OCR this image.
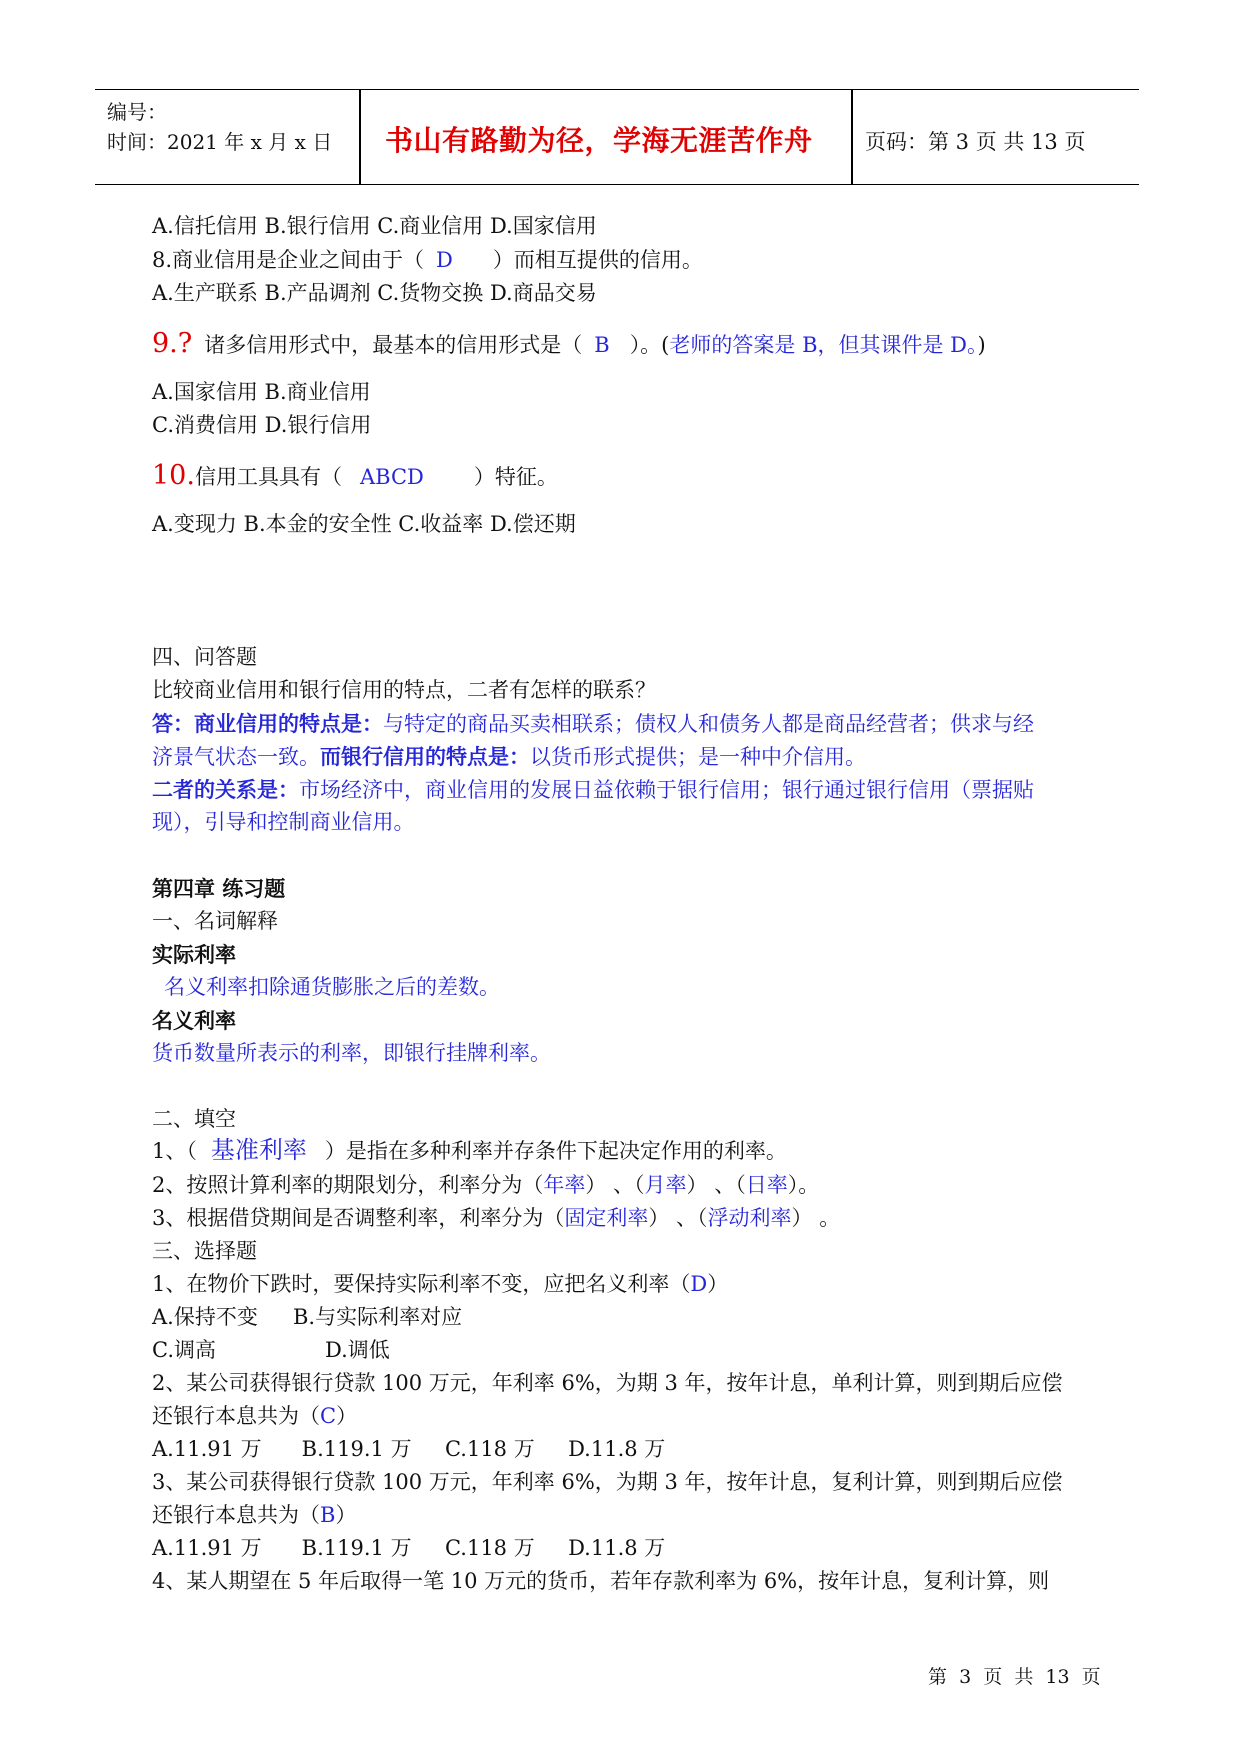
编号：
时间：2021 年 x 月 x 日 书山有路勤为径，学海无涯苦作舟 页码：第 3 页 共 13 页
A.信托信用 B.银行信用 C.商业信用 D.国家信用
8.商业信用是企业之间由于（ D ）而相互提供的信用。
A.生产联系 B.产品调剂 C.货物交换 D.商品交易
9.? 诸多信用形式中，最基本的信用形式是（ B ）。(老师的答案是 B，但其课件是 D。)
A.国家信用 B.商业信用
C.消费信用 D.银行信用
10.信用工具具有（ ABCD ）特征。
A.变现力 B.本金的安全性 C.收益率 D.偿还期
四、问答题
比较商业信用和银行信用的特点，二者有怎样的联系？
答：商业信用的特点是：与特定的商品买卖相联系；债权人和债务人都是商品经营者；供求与经
济景气状态一致。而银行信用的特点是：以货币形式提供；是一种中介信用。
二者的关系是：市场经济中，商业信用的发展日益依赖于银行信用；银行通过银行信用（票据贴
现），引导和控制商业信用。
第四章 练习题
一、名词解释
实际利率
名义利率扣除通货膨胀之后的差数。
名义利率
货币数量所表示的利率，即银行挂牌利率。
二、填空
1、（ 基准利率 ）是指在多种利率并存条件下起决定作用的利率。
2、按照计算利率的期限划分，利率分为（年率） 、（月率） 、（日率）。
3、根据借贷期间是否调整利率，利率分为（固定利率） 、（浮动利率） 。
三、选择题
1、在物价下跌时，要保持实际利率不变，应把名义利率（D）
A.保持不变 B.与实际利率对应
C.调高	D.调低
2、某公司获得银行贷款 100 万元，年利率 6%，为期 3 年，按年计息，单利计算，则到期后应偿
还银行本息共为（C）
A.11.91 万      B.119.1 万     C.118 万     D.11.8 万
3、某公司获得银行贷款 100 万元，年利率 6%，为期 3 年，按年计息，复利计算，则到期后应偿
还银行本息共为（B）
A.11.91 万      B.119.1 万     C.118 万     D.11.8 万
4、某人期望在 5 年后取得一笔 10 万元的货币，若年存款利率为 6%，按年计息，复利计算，则
第  3  页  共  13  页
